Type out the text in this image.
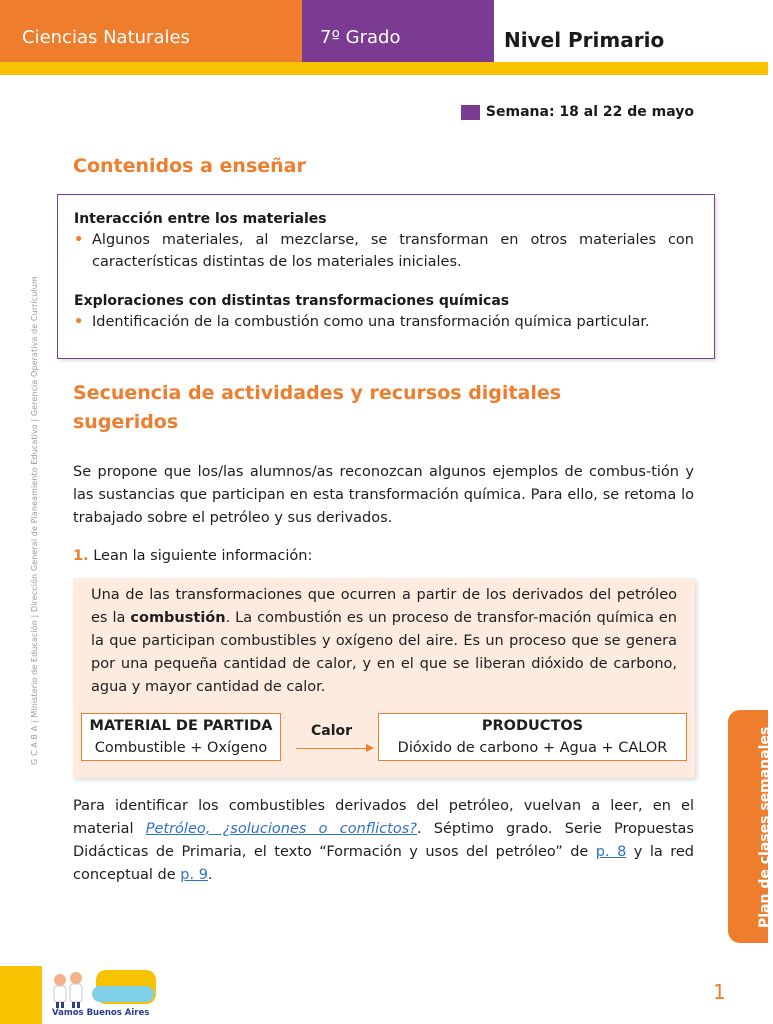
Ciencias Naturales	7º Grado	Nivel Primario
Semana: 18 al 22 de mayo
G C A B A | Ministerio de Educación | Dirección General de Planeamiento Educativo | Gerencia Operativa de Currículum
Contenidos a enseñar
Interacción entre los materiales
• Algunos materiales, al mezclarse, se transforman en otros materiales con características distintas de los materiales iniciales.
Exploraciones con distintas transformaciones químicas
• Identificación de la combustión como una transformación química particular.
Secuencia de actividades y recursos digitales sugeridos
Se propone que los/las alumnos/as reconozcan algunos ejemplos de combus-tión y las sustancias que participan en esta transformación química. Para ello, se retoma lo trabajado sobre el petróleo y sus derivados.
1. Lean la siguiente información:
Una de las transformaciones que ocurren a partir de los derivados del petróleo es la combustión. La combustión es un proceso de transfor-mación química en la que participan combustibles y oxígeno del aire. Es un proceso que se genera por una pequeña cantidad de calor, y en el que se liberan dióxido de carbono, agua y mayor cantidad de calor.
MATERIAL DE PARTIDA
Combustible + Oxígeno
Calor	PRODUCTOS
Dióxido de carbono + Agua + CALOR
Para identificar los combustibles derivados del petróleo, vuelvan a leer, en el material Petróleo, ¿soluciones o conflictos?. Séptimo grado. Serie Propuestas Didácticas de Primaria, el texto “Formación y usos del petróleo” de p. 8 y la red conceptual de p. 9.	Plan de clases semanales
1
Vamos Buenos Aires
